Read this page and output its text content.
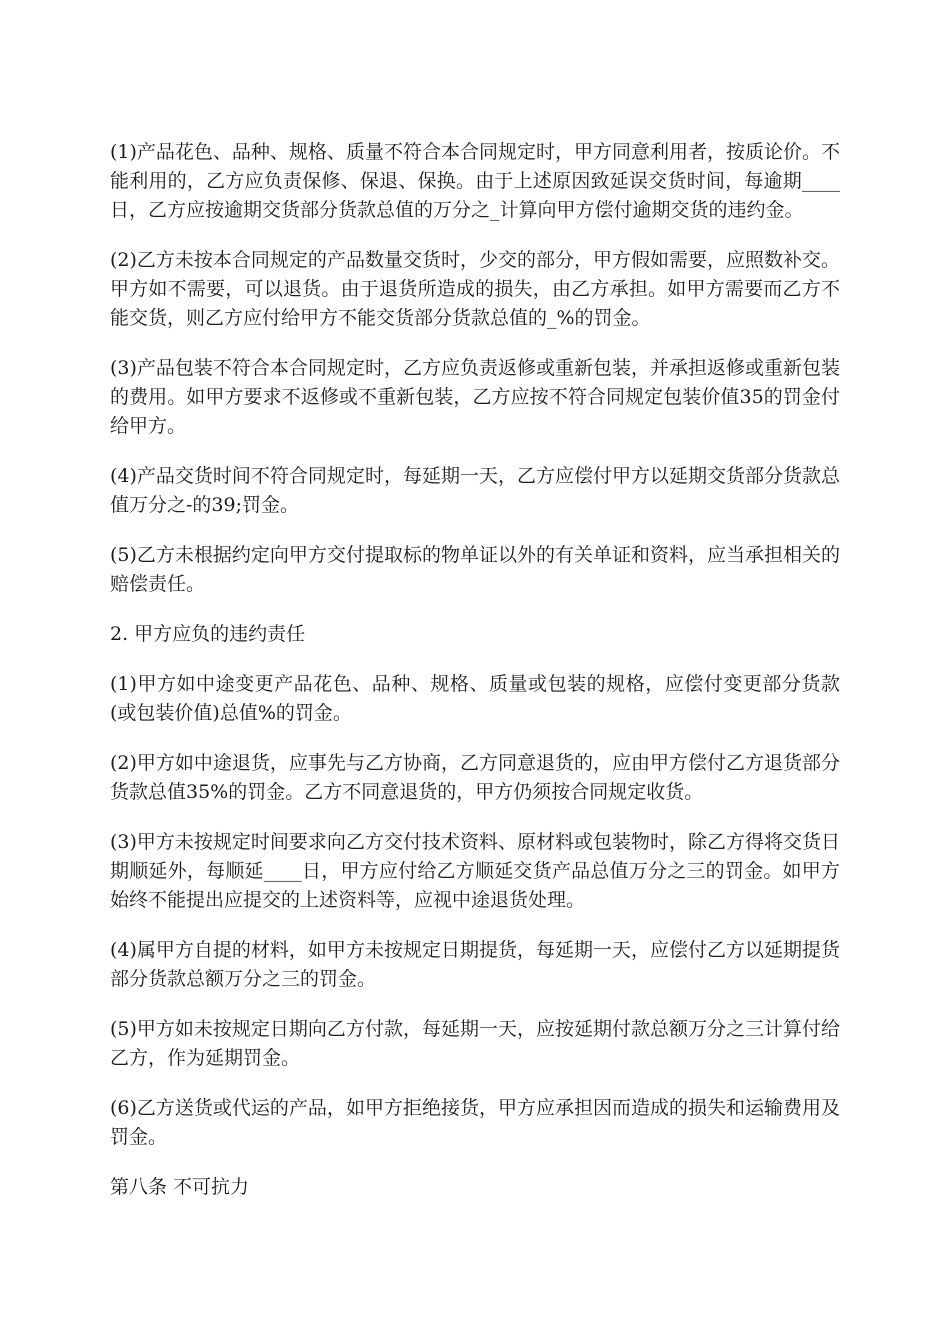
(1)产品花色、品种、规格、质量不符合本合同规定时，甲方同意利用者，按质论价。不能利用的，乙方应负责保修、保退、保换。由于上述原因致延误交货时间，每逾期____日，乙方应按逾期交货部分货款总值的万分之_计算向甲方偿付逾期交货的违约金。

(2)乙方未按本合同规定的产品数量交货时，少交的部分，甲方假如需要，应照数补交。甲方如不需要，可以退货。由于退货所造成的损失，由乙方承担。如甲方需要而乙方不能交货，则乙方应付给甲方不能交货部分货款总值的_%的罚金。

(3)产品包装不符合本合同规定时，乙方应负责返修或重新包装，并承担返修或重新包装的费用。如甲方要求不返修或不重新包装，乙方应按不符合同规定包装价值35的罚金付给甲方。

(4)产品交货时间不符合同规定时，每延期一天，乙方应偿付甲方以延期交货部分货款总值万分之-的39;罚金。

(5)乙方未根据约定向甲方交付提取标的物单证以外的有关单证和资料，应当承担相关的赔偿责任。

2. 甲方应负的违约责任

(1)甲方如中途变更产品花色、品种、规格、质量或包装的规格，应偿付变更部分货款(或包装价值)总值%的罚金。

(2)甲方如中途退货，应事先与乙方协商，乙方同意退货的，应由甲方偿付乙方退货部分货款总值35%的罚金。乙方不同意退货的，甲方仍须按合同规定收货。

(3)甲方未按规定时间要求向乙方交付技术资料、原材料或包装物时，除乙方得将交货日期顺延外，每顺延____日，甲方应付给乙方顺延交货产品总值万分之三的罚金。如甲方始终不能提出应提交的上述资料等，应视中途退货处理。

(4)属甲方自提的材料，如甲方未按规定日期提货，每延期一天，应偿付乙方以延期提货部分货款总额万分之三的罚金。

(5)甲方如未按规定日期向乙方付款，每延期一天，应按延期付款总额万分之三计算付给乙方，作为延期罚金。

(6)乙方送货或代运的产品，如甲方拒绝接货，甲方应承担因而造成的损失和运输费用及罚金。

第八条 不可抗力
